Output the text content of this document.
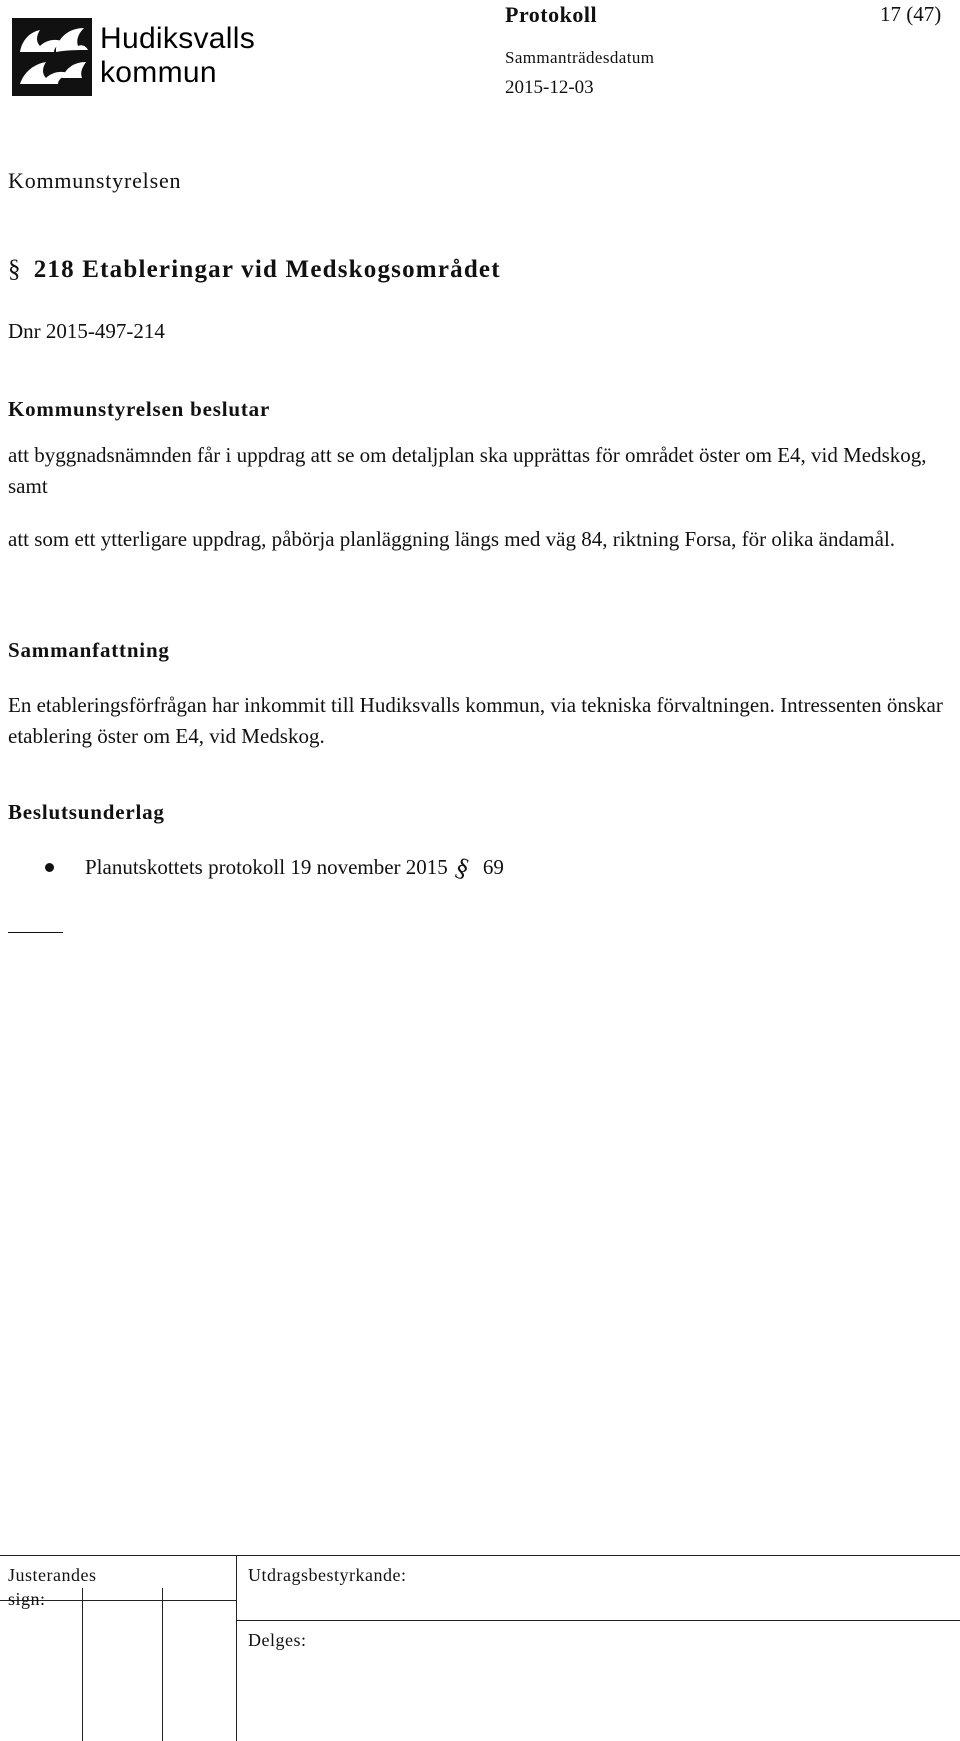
Hudiksvalls
kommun
Protokoll	17 (47)
Sammanträdesdatum
2015-12-03
Kommunstyrelsen
§ 218 Etableringar vid Medskogsområdet
Dnr 2015-497-214
Kommunstyrelsen beslutar
att byggnadsnämnden får i uppdrag att se om detaljplan ska upprättas för området öster om E4, vid Medskog, samt
att som ett ytterligare uppdrag, påbörja planläggning längs med väg 84, riktning Forsa, för olika ändamål.
Sammanfattning
En etableringsförfrågan har inkommit till Hudiksvalls kommun, via tekniska förvaltningen. Intressenten önskar etablering öster om E4, vid Medskog.
Beslutsunderlag
Planutskottets protokoll 19 november 2015 § 69
Justerandes sign:
Utdragsbestyrkande:
Delges:
